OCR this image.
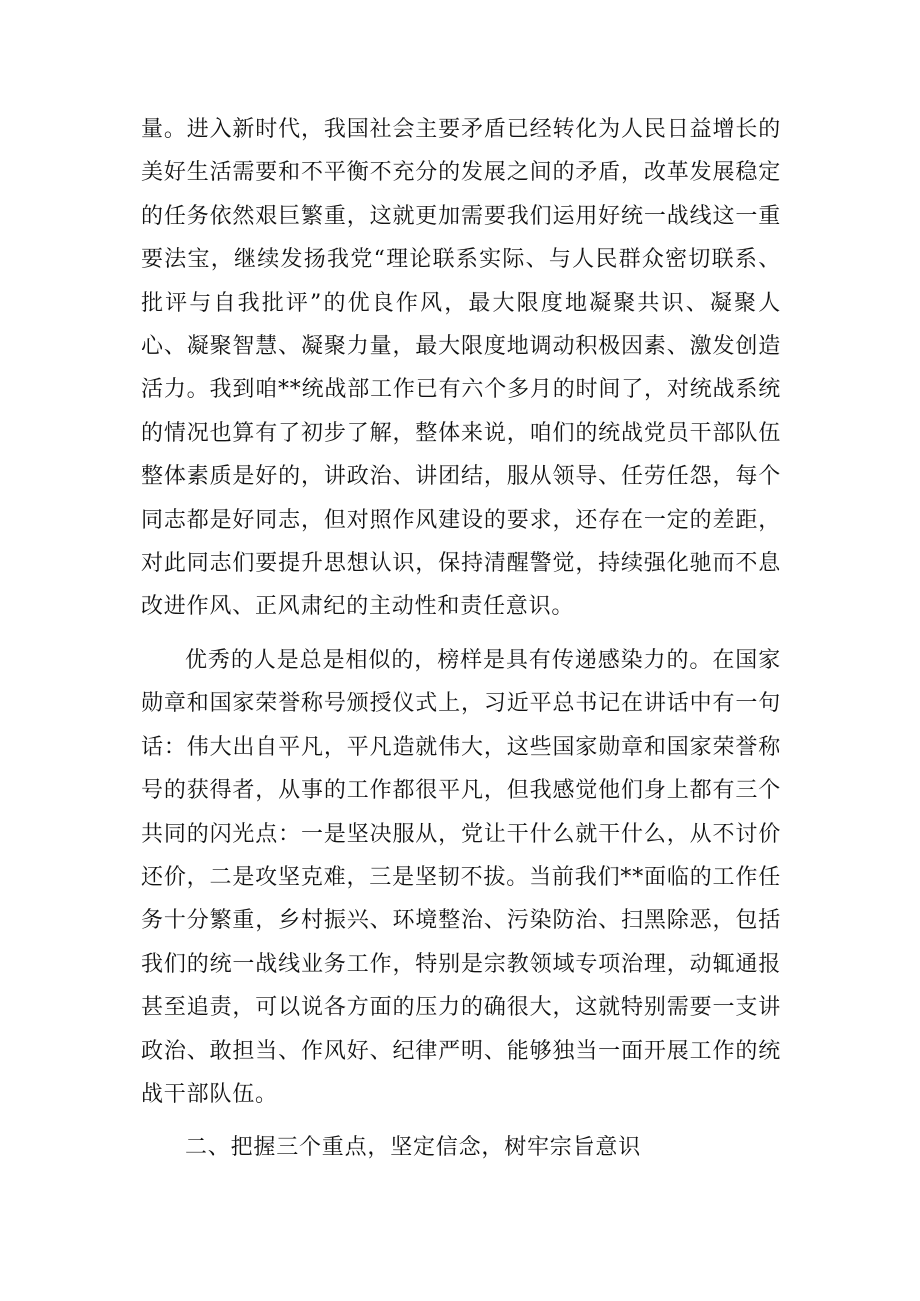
量。进入新时代，我国社会主要矛盾已经转化为人民日益增长的美好生活需要和不平衡不充分的发展之间的矛盾，改革发展稳定的任务依然艰巨繁重，这就更加需要我们运用好统一战线这一重要法宝，继续发扬我党“理论联系实际、与人民群众密切联系、批评与自我批评”的优良作风，最大限度地凝聚共识、凝聚人心、凝聚智慧、凝聚力量，最大限度地调动积极因素、激发创造活力。我到咱**统战部工作已有六个多月的时间了，对统战系统的情况也算有了初步了解，整体来说，咱们的统战党员干部队伍整体素质是好的，讲政治、讲团结，服从领导、任劳任怨，每个同志都是好同志，但对照作风建设的要求，还存在一定的差距，对此同志们要提升思想认识，保持清醒警觉，持续强化驰而不息改进作风、正风肃纪的主动性和责任意识。

优秀的人是总是相似的，榜样是具有传递感染力的。在国家勋章和国家荣誉称号颁授仪式上，习近平总书记在讲话中有一句话：伟大出自平凡，平凡造就伟大，这些国家勋章和国家荣誉称号的获得者，从事的工作都很平凡，但我感觉他们身上都有三个共同的闪光点：一是坚决服从，党让干什么就干什么，从不讨价还价，二是攻坚克难，三是坚韧不拔。当前我们**面临的工作任务十分繁重，乡村振兴、环境整治、污染防治、扫黑除恶，包括我们的统一战线业务工作，特别是宗教领域专项治理，动辄通报甚至追责，可以说各方面的压力的确很大，这就特别需要一支讲政治、敢担当、作风好、纪律严明、能够独当一面开展工作的统战干部队伍。

二、把握三个重点，坚定信念，树牢宗旨意识
